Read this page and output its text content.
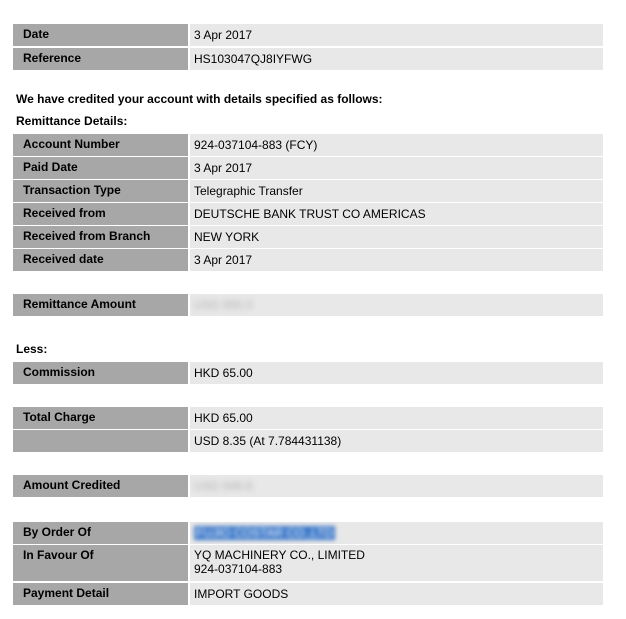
Date	3 Apr 2017
Reference	HS103047QJ8IYFWG
We have credited your account with details specified as follows:
Remittance Details:
Account Number	924-037104-883 (FCY)
Paid Date	3 Apr 2017
Transaction Type	Telegraphic Transfer
Received from	DEUTSCHE BANK TRUST CO AMERICAS
Received from Branch	NEW YORK
Received date	3 Apr 2017
Remittance Amount	USD 955.0
Less:
Commission	HKD 65.00
Total Charge	HKD 65.00
USD 8.35 (At 7.784431138)
Amount Credited	USD 946.6
By Order Of	FUJIO COSTAR CO.,LTD
In Favour Of	YQ MACHINERY CO., LIMITED
924-037104-883
Payment Detail	IMPORT GOODS
